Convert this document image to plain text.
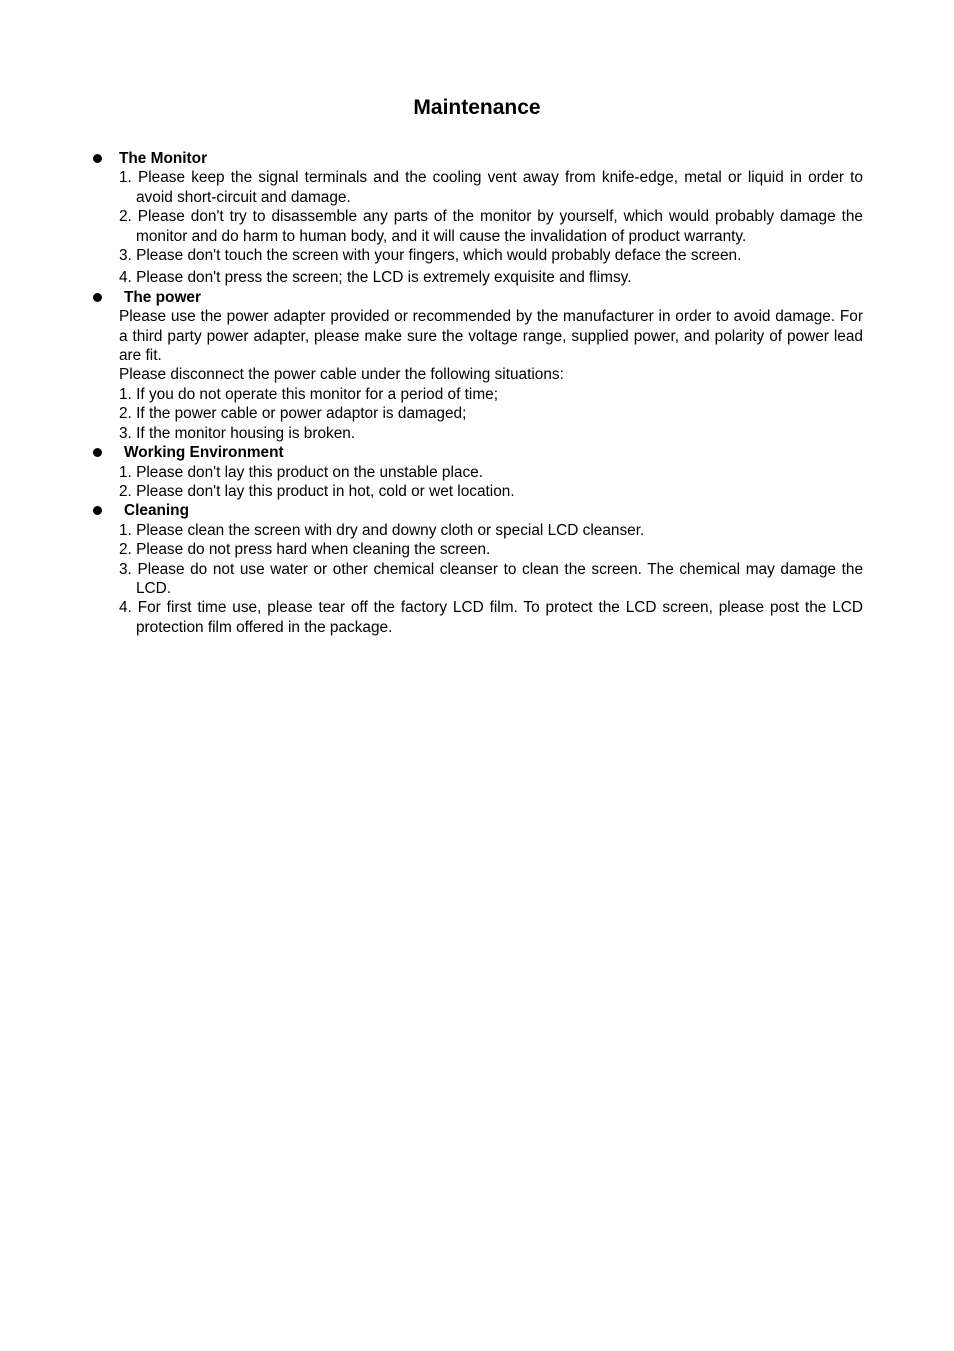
Maintenance
The Monitor
1. Please keep the signal terminals and the cooling vent away from knife-edge, metal or liquid in order to avoid short-circuit and damage.
2. Please don't try to disassemble any parts of the monitor by yourself, which would probably damage the monitor and do harm to human body, and it will cause the invalidation of product warranty.
3. Please don't touch the screen with your fingers, which would probably deface the screen.
4. Please don't press the screen; the LCD is extremely exquisite and flimsy.
The power
Please use the power adapter provided or recommended by the manufacturer in order to avoid damage. For a third party power adapter, please make sure the voltage range, supplied power, and polarity of power lead are fit.
Please disconnect the power cable under the following situations:
1. If you do not operate this monitor for a period of time;
2. If the power cable or power adaptor is damaged;
3. If the monitor housing is broken.
Working Environment
1. Please don't lay this product on the unstable place.
2. Please don't lay this product in hot, cold or wet location.
Cleaning
1. Please clean the screen with dry and downy cloth or special LCD cleanser.
2. Please do not press hard when cleaning the screen.
3. Please do not use water or other chemical cleanser to clean the screen. The chemical may damage the LCD.
4. For first time use, please tear off the factory LCD film. To protect the LCD screen, please post the LCD protection film offered in the package.
